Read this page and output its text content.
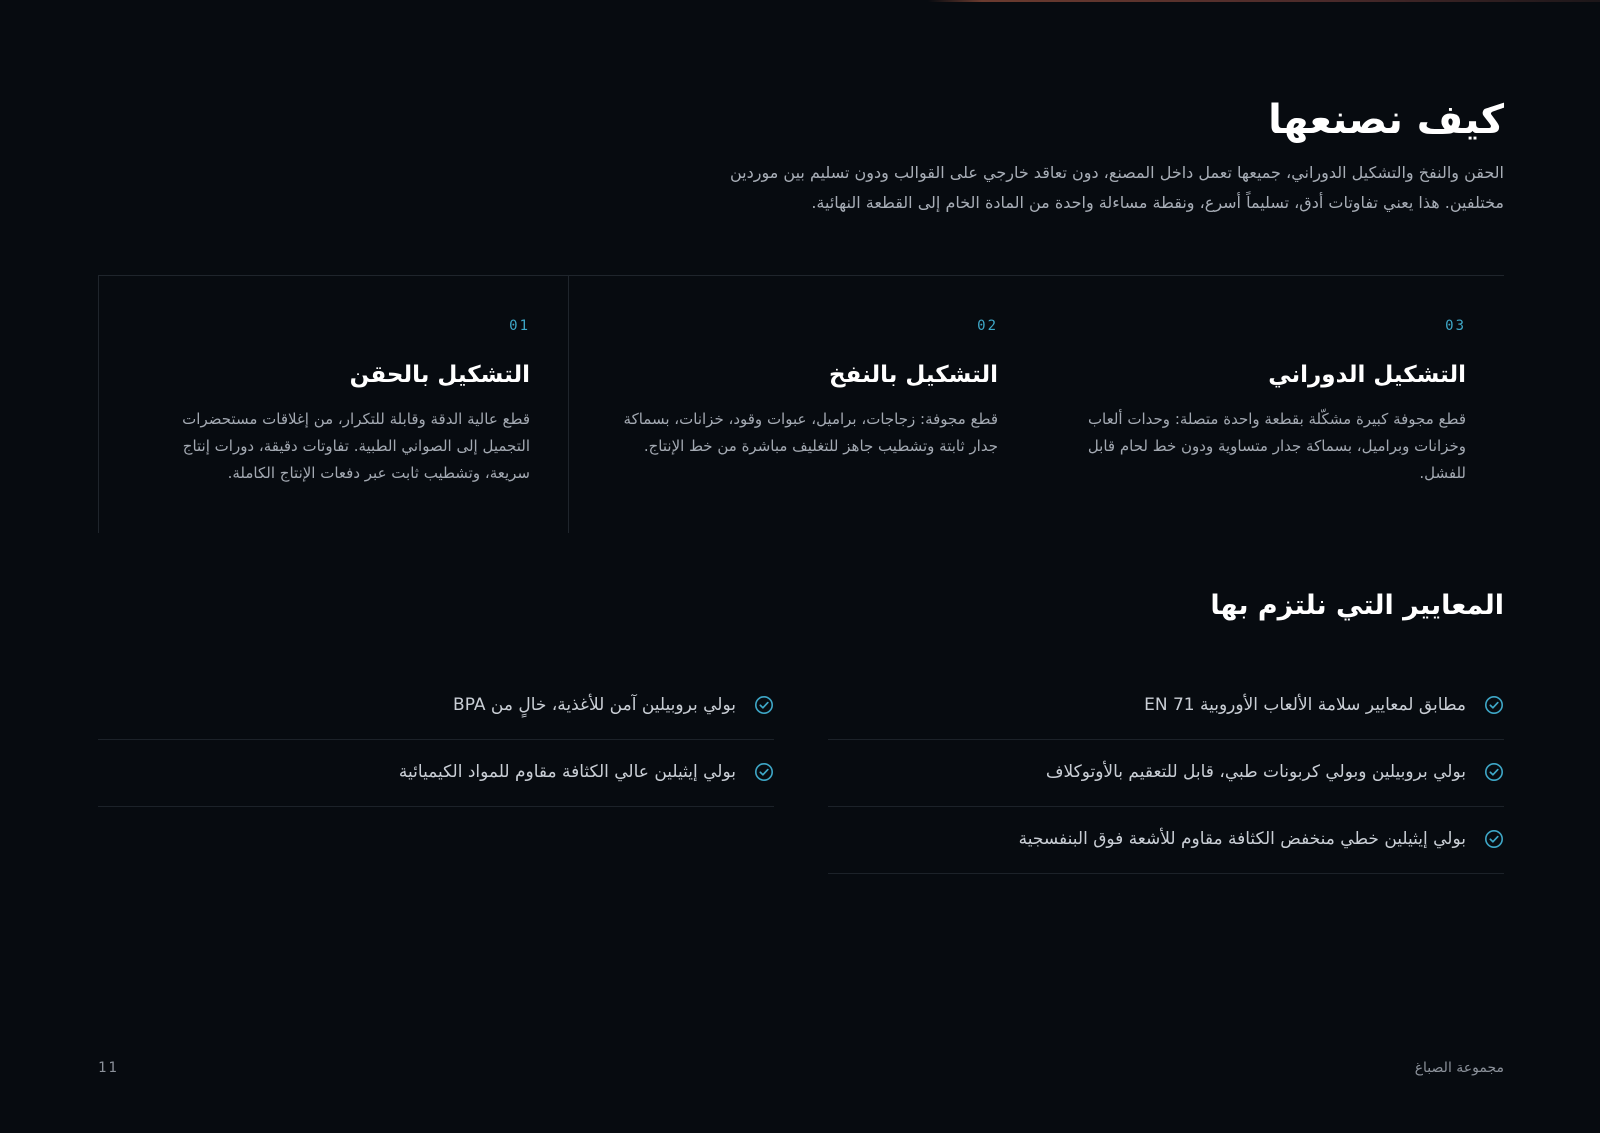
كيف نصنعها

الحقن والنفخ والتشكيل الدوراني، جميعها تعمل داخل المصنع، دون تعاقد خارجي على القوالب ودون تسليم بين موردين مختلفين. هذا يعني تفاوتات أدق، تسليماً أسرع، ونقطة مساءلة واحدة من المادة الخام إلى القطعة النهائية.

01
التشكيل بالحقن

قطع عالية الدقة وقابلة للتكرار، من إغلاقات مستحضرات التجميل إلى الصواني الطبية. تفاوتات دقيقة، دورات إنتاج سريعة، وتشطيب ثابت عبر دفعات الإنتاج الكاملة.

02
التشكيل بالنفخ

قطع مجوفة: زجاجات، براميل، عبوات وقود، خزانات، بسماكة جدار ثابتة وتشطيب جاهز للتغليف مباشرة من خط الإنتاج.

03
التشكيل الدوراني

قطع مجوفة كبيرة مشكّلة بقطعة واحدة متصلة: وحدات ألعاب وخزانات وبراميل، بسماكة جدار متساوية ودون خط لحام قابل للفشل.

المعايير التي نلتزم بها
مطابق لمعايير سلامة الألعاب الأوروبية EN 71
بولي بروبيلين وبولي كربونات طبي، قابل للتعقيم بالأوتوكلاف
بولي إيثيلين خطي منخفض الكثافة مقاوم للأشعة فوق البنفسجية
بولي بروبيلين آمن للأغذية، خالٍ من BPA
بولي إيثيلين عالي الكثافة مقاوم للمواد الكيميائية
مجموعة الصباغ
11
